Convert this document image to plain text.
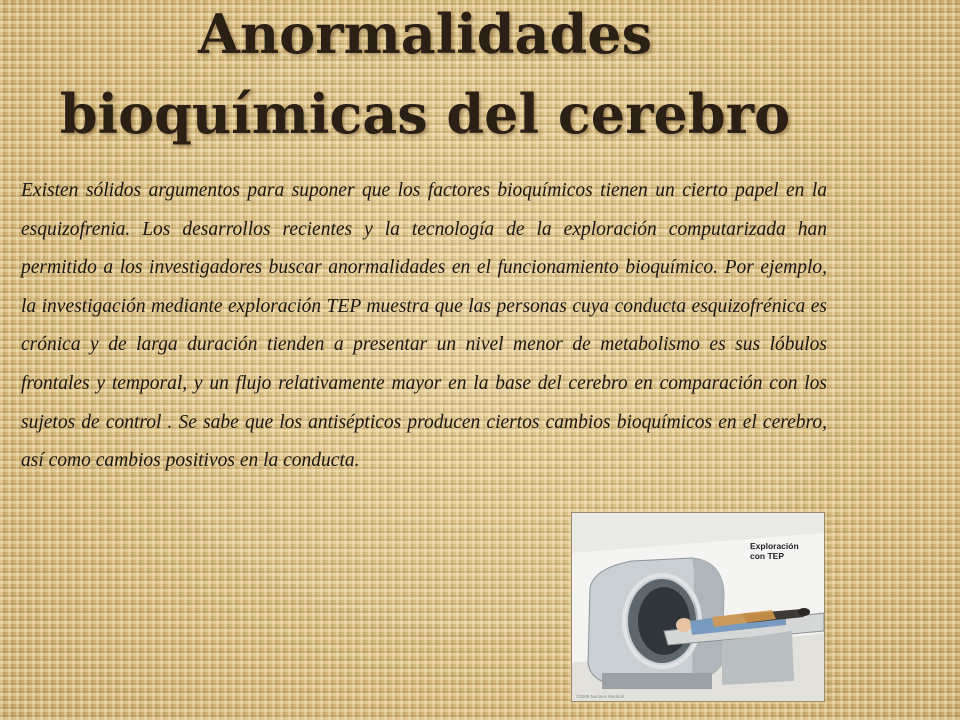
Anormalidades
bioquímicas del cerebro

Existen sólidos argumentos para suponer que los factores bioquímicos tienen un cierto papel en la esquizofrenia. Los desarrollos recientes y la tecnología de la exploración computarizada han permitido a los investigadores buscar anormalidades en el funcionamiento bioquímico. Por ejemplo, la investigación mediante exploración TEP muestra que las personas cuya conducta esquizofrénica es crónica y de larga duración tienden a presentar un nivel menor de metabolismo es sus lóbulos frontales y temporal, y un flujo relativamente mayor en la base del cerebro en comparación con los sujetos de control . Se sabe que los antisépticos producen ciertos cambios bioquímicos en el cerebro, así como cambios positivos en la conducta.

Exploración
con TEP
©2009 Nucleus Medical
